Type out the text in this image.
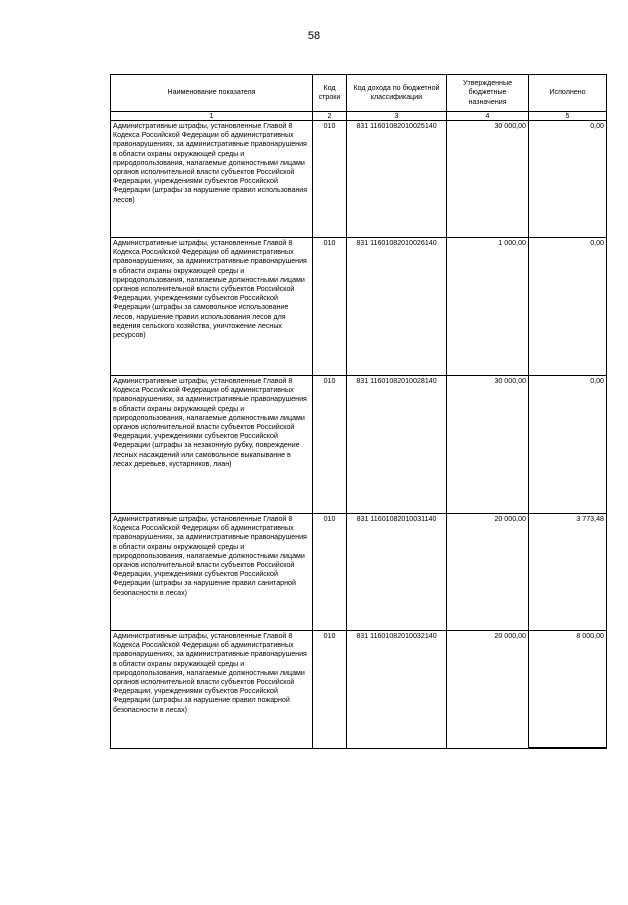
58
Наименование показателя	Код строки	Код дохода по бюджетной классификации	Утвержденные бюджетные назначения	Исполнено
1	2	3	4	5
Административные штрафы, установленные Главой 8 Кодекса Российской Федерации об административных правонарушениях, за административные правонарушения в области охраны окружающей среды и природопользования, налагаемые должностными лицами органов исполнительной власти субъектов Российской Федерации, учреждениями субъектов Российской Федерации (штрафы за нарушение правил использования лесов)	010	831 11601082010025140	30 000,00	0,00
Административные штрафы, установленные Главой 8 Кодекса Российской Федерации об административных правонарушениях, за административные правонарушения в области охраны окружающей среды и природопользования, налагаемые должностными лицами органов исполнительной власти субъектов Российской Федерации, учреждениями субъектов Российской Федерации (штрафы за самовольное использование лесов, нарушение правил использования лесов для ведения сельского хозяйства, уничтожение лесных ресурсов)	010	831 11601082010026140	1 000,00	0,00
Административные штрафы, установленные Главой 8 Кодекса Российской Федерации об административных правонарушениях, за административные правонарушения в области охраны окружающей среды и природопользования, налагаемые должностными лицами органов исполнительной власти субъектов Российской Федерации, учреждениями субъектов Российской Федерации (штрафы за незаконную рубку, повреждение лесных насаждений или самовольное выкапывание в лесах деревьев, кустарников, лиан)	010	831 11601082010028140	30 000,00	0,00
Административные штрафы, установленные Главой 8 Кодекса Российской Федерации об административных правонарушениях, за административные правонарушения в области охраны окружающей среды и природопользования, налагаемые должностными лицами органов исполнительной власти субъектов Российской Федерации, учреждениями субъектов Российской Федерации (штрафы за нарушение правил санитарной безопасности в лесах)	010	831 11601082010031140	20 000,00	3 773,48
Административные штрафы, установленные Главой 8 Кодекса Российской Федерации об административных правонарушениях, за административные правонарушения в области охраны окружающей среды и природопользования, налагаемые должностными лицами органов исполнительной власти субъектов Российской Федерации, учреждениями субъектов Российской Федерации (штрафы за нарушение правил пожарной безопасности в лесах)	010	831 11601082010032140	20 000,00	8 000,00
